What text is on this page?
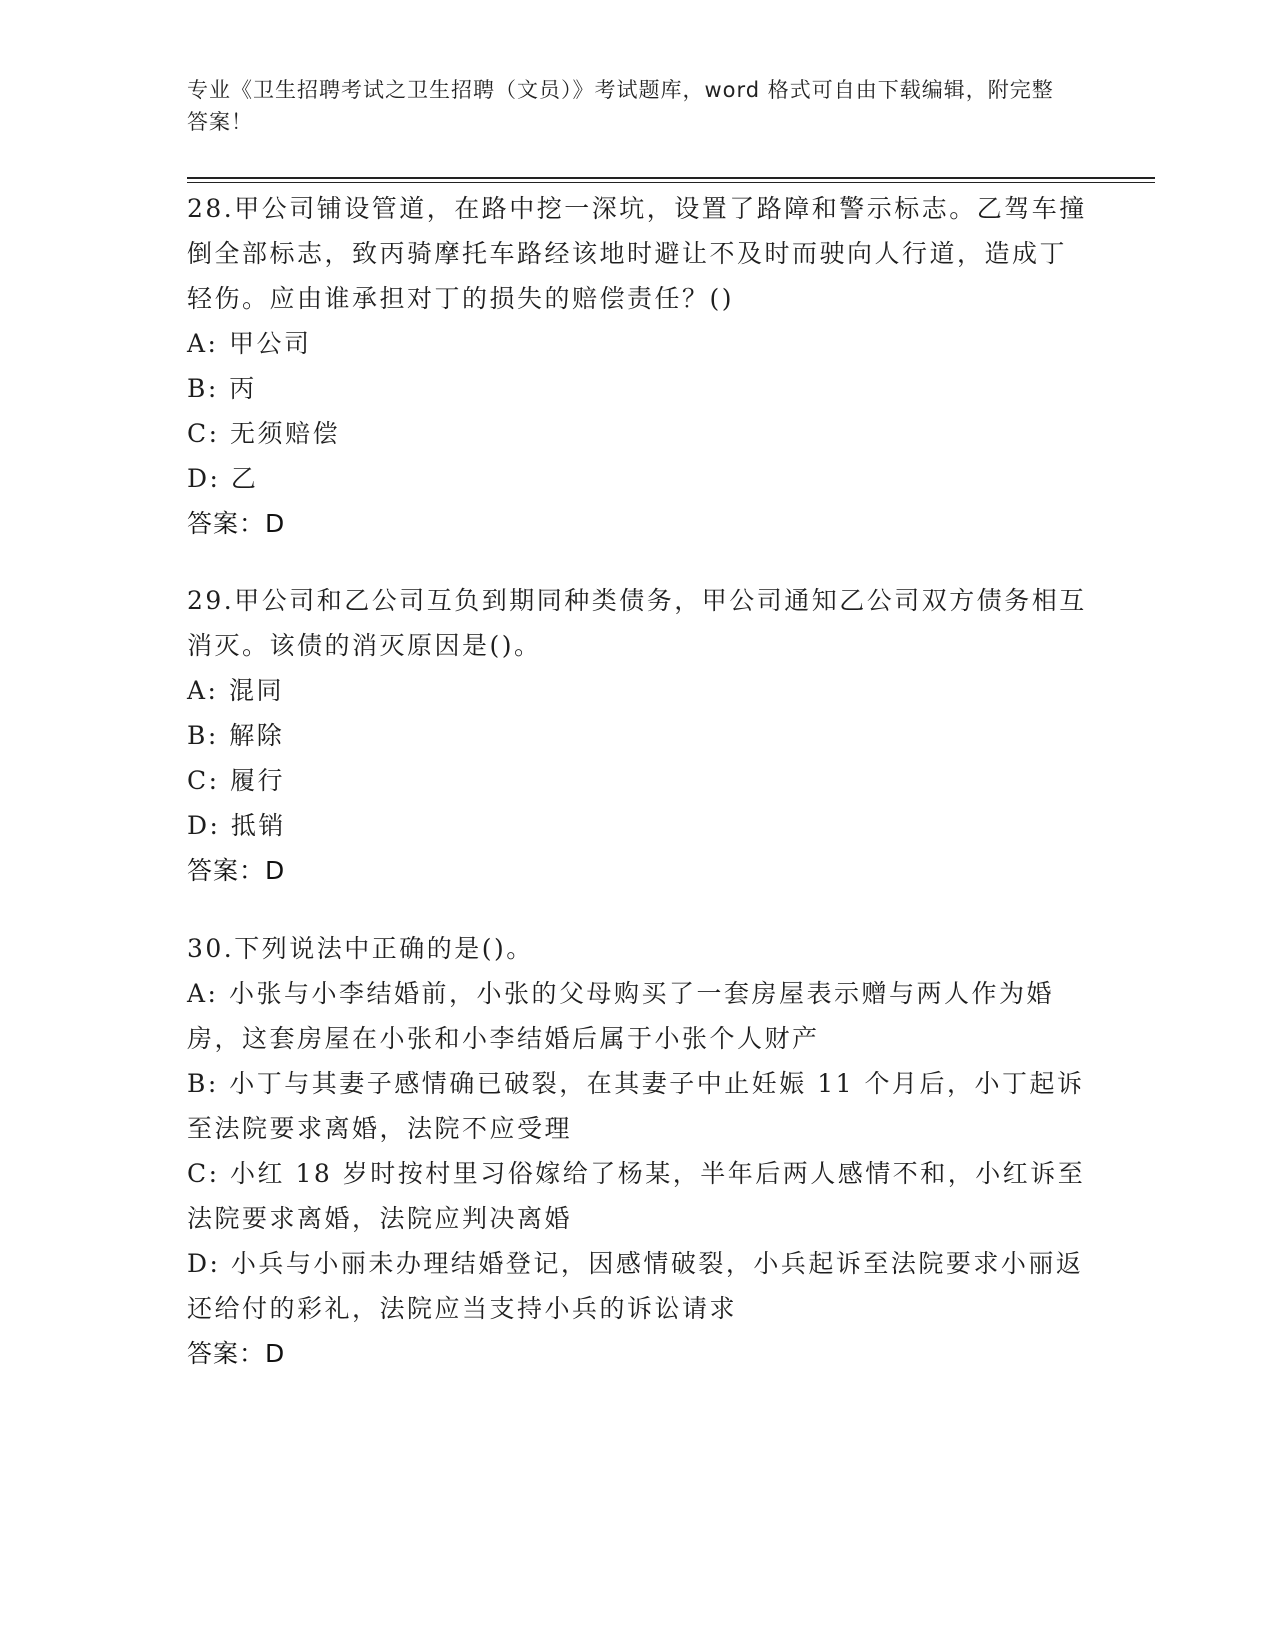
专业《卫生招聘考试之卫生招聘（文员）》考试题库，word 格式可自由下载编辑，附完整答案！
28.甲公司铺设管道，在路中挖一深坑，设置了路障和警示标志。乙驾车撞倒全部标志，致丙骑摩托车路经该地时避让不及时而驶向人行道，造成丁轻伤。应由谁承担对丁的损失的赔偿责任？()
A: 甲公司
B: 丙
C: 无须赔偿
D: 乙
答案：D
29.甲公司和乙公司互负到期同种类债务，甲公司通知乙公司双方债务相互消灭。该债的消灭原因是()。
A: 混同
B: 解除
C: 履行
D: 抵销
答案：D
30.下列说法中正确的是()。
A: 小张与小李结婚前，小张的父母购买了一套房屋表示赠与两人作为婚房，这套房屋在小张和小李结婚后属于小张个人财产
B: 小丁与其妻子感情确已破裂，在其妻子中止妊娠 11 个月后，小丁起诉至法院要求离婚，法院不应受理
C: 小红 18 岁时按村里习俗嫁给了杨某，半年后两人感情不和，小红诉至法院要求离婚，法院应判决离婚
D: 小兵与小丽未办理结婚登记，因感情破裂，小兵起诉至法院要求小丽返还给付的彩礼，法院应当支持小兵的诉讼请求
答案：D
